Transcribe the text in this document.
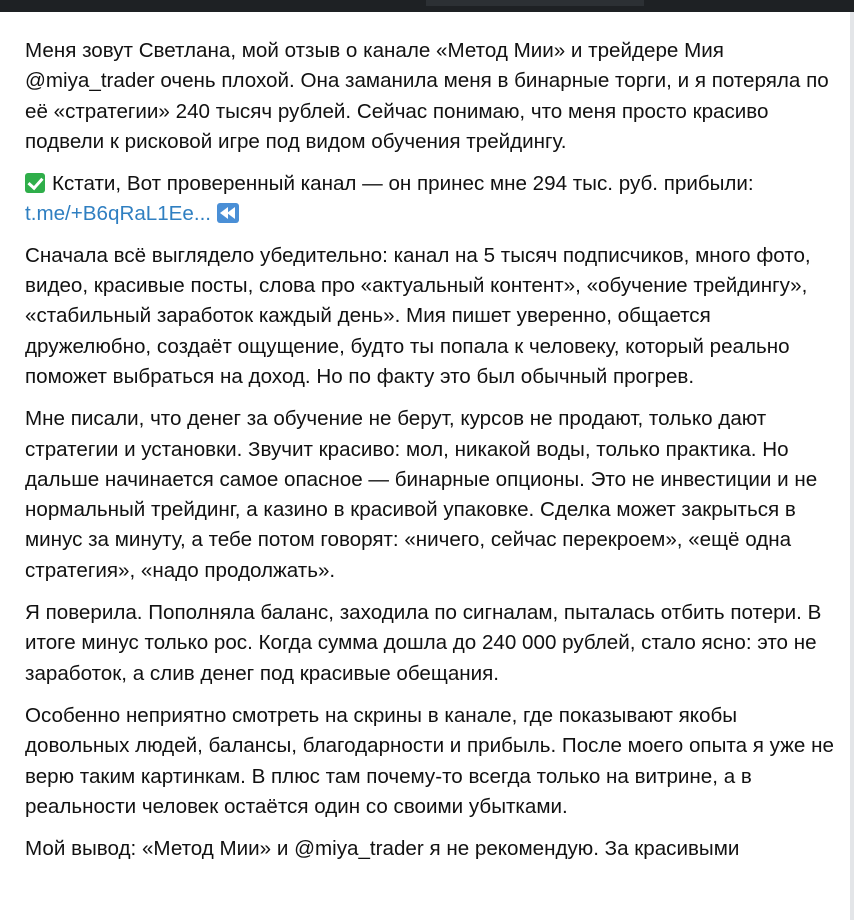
Меня зовут Светлана, мой отзыв о канале «Метод Мии» и трейдере Мия @miya_trader очень плохой. Она заманила меня в бинарные торги, и я потеряла по её «стратегии» 240 тысяч рублей. Сейчас понимаю, что меня просто красиво подвели к рисковой игре под видом обучения трейдингу.

Кстати, Вот проверенный канал — он принес мне 294 тыс. руб. прибыли:
t.me/+B6qRaL1Ee...

Сначала всё выглядело убедительно: канал на 5 тысяч подписчиков, много фото, видео, красивые посты, слова про «актуальный контент», «обучение трейдингу», «стабильный заработок каждый день». Мия пишет уверенно, общается дружелюбно, создаёт ощущение, будто ты попала к человеку, который реально поможет выбраться на доход. Но по факту это был обычный прогрев.

Мне писали, что денег за обучение не берут, курсов не продают, только дают стратегии и установки. Звучит красиво: мол, никакой воды, только практика. Но дальше начинается самое опасное — бинарные опционы. Это не инвестиции и не нормальный трейдинг, а казино в красивой упаковке. Сделка может закрыться в минус за минуту, а тебе потом говорят: «ничего, сейчас перекроем», «ещё одна стратегия», «надо продолжать».

Я поверила. Пополняла баланс, заходила по сигналам, пыталась отбить потери. В итоге минус только рос. Когда сумма дошла до 240 000 рублей, стало ясно: это не заработок, а слив денег под красивые обещания.

Особенно неприятно смотреть на скрины в канале, где показывают якобы довольных людей, балансы, благодарности и прибыль. После моего опыта я уже не верю таким картинкам. В плюс там почему-то всегда только на витрине, а в реальности человек остаётся один со своими убытками.

Мой вывод: «Метод Мии» и @miya_trader я не рекомендую. За красивыми
